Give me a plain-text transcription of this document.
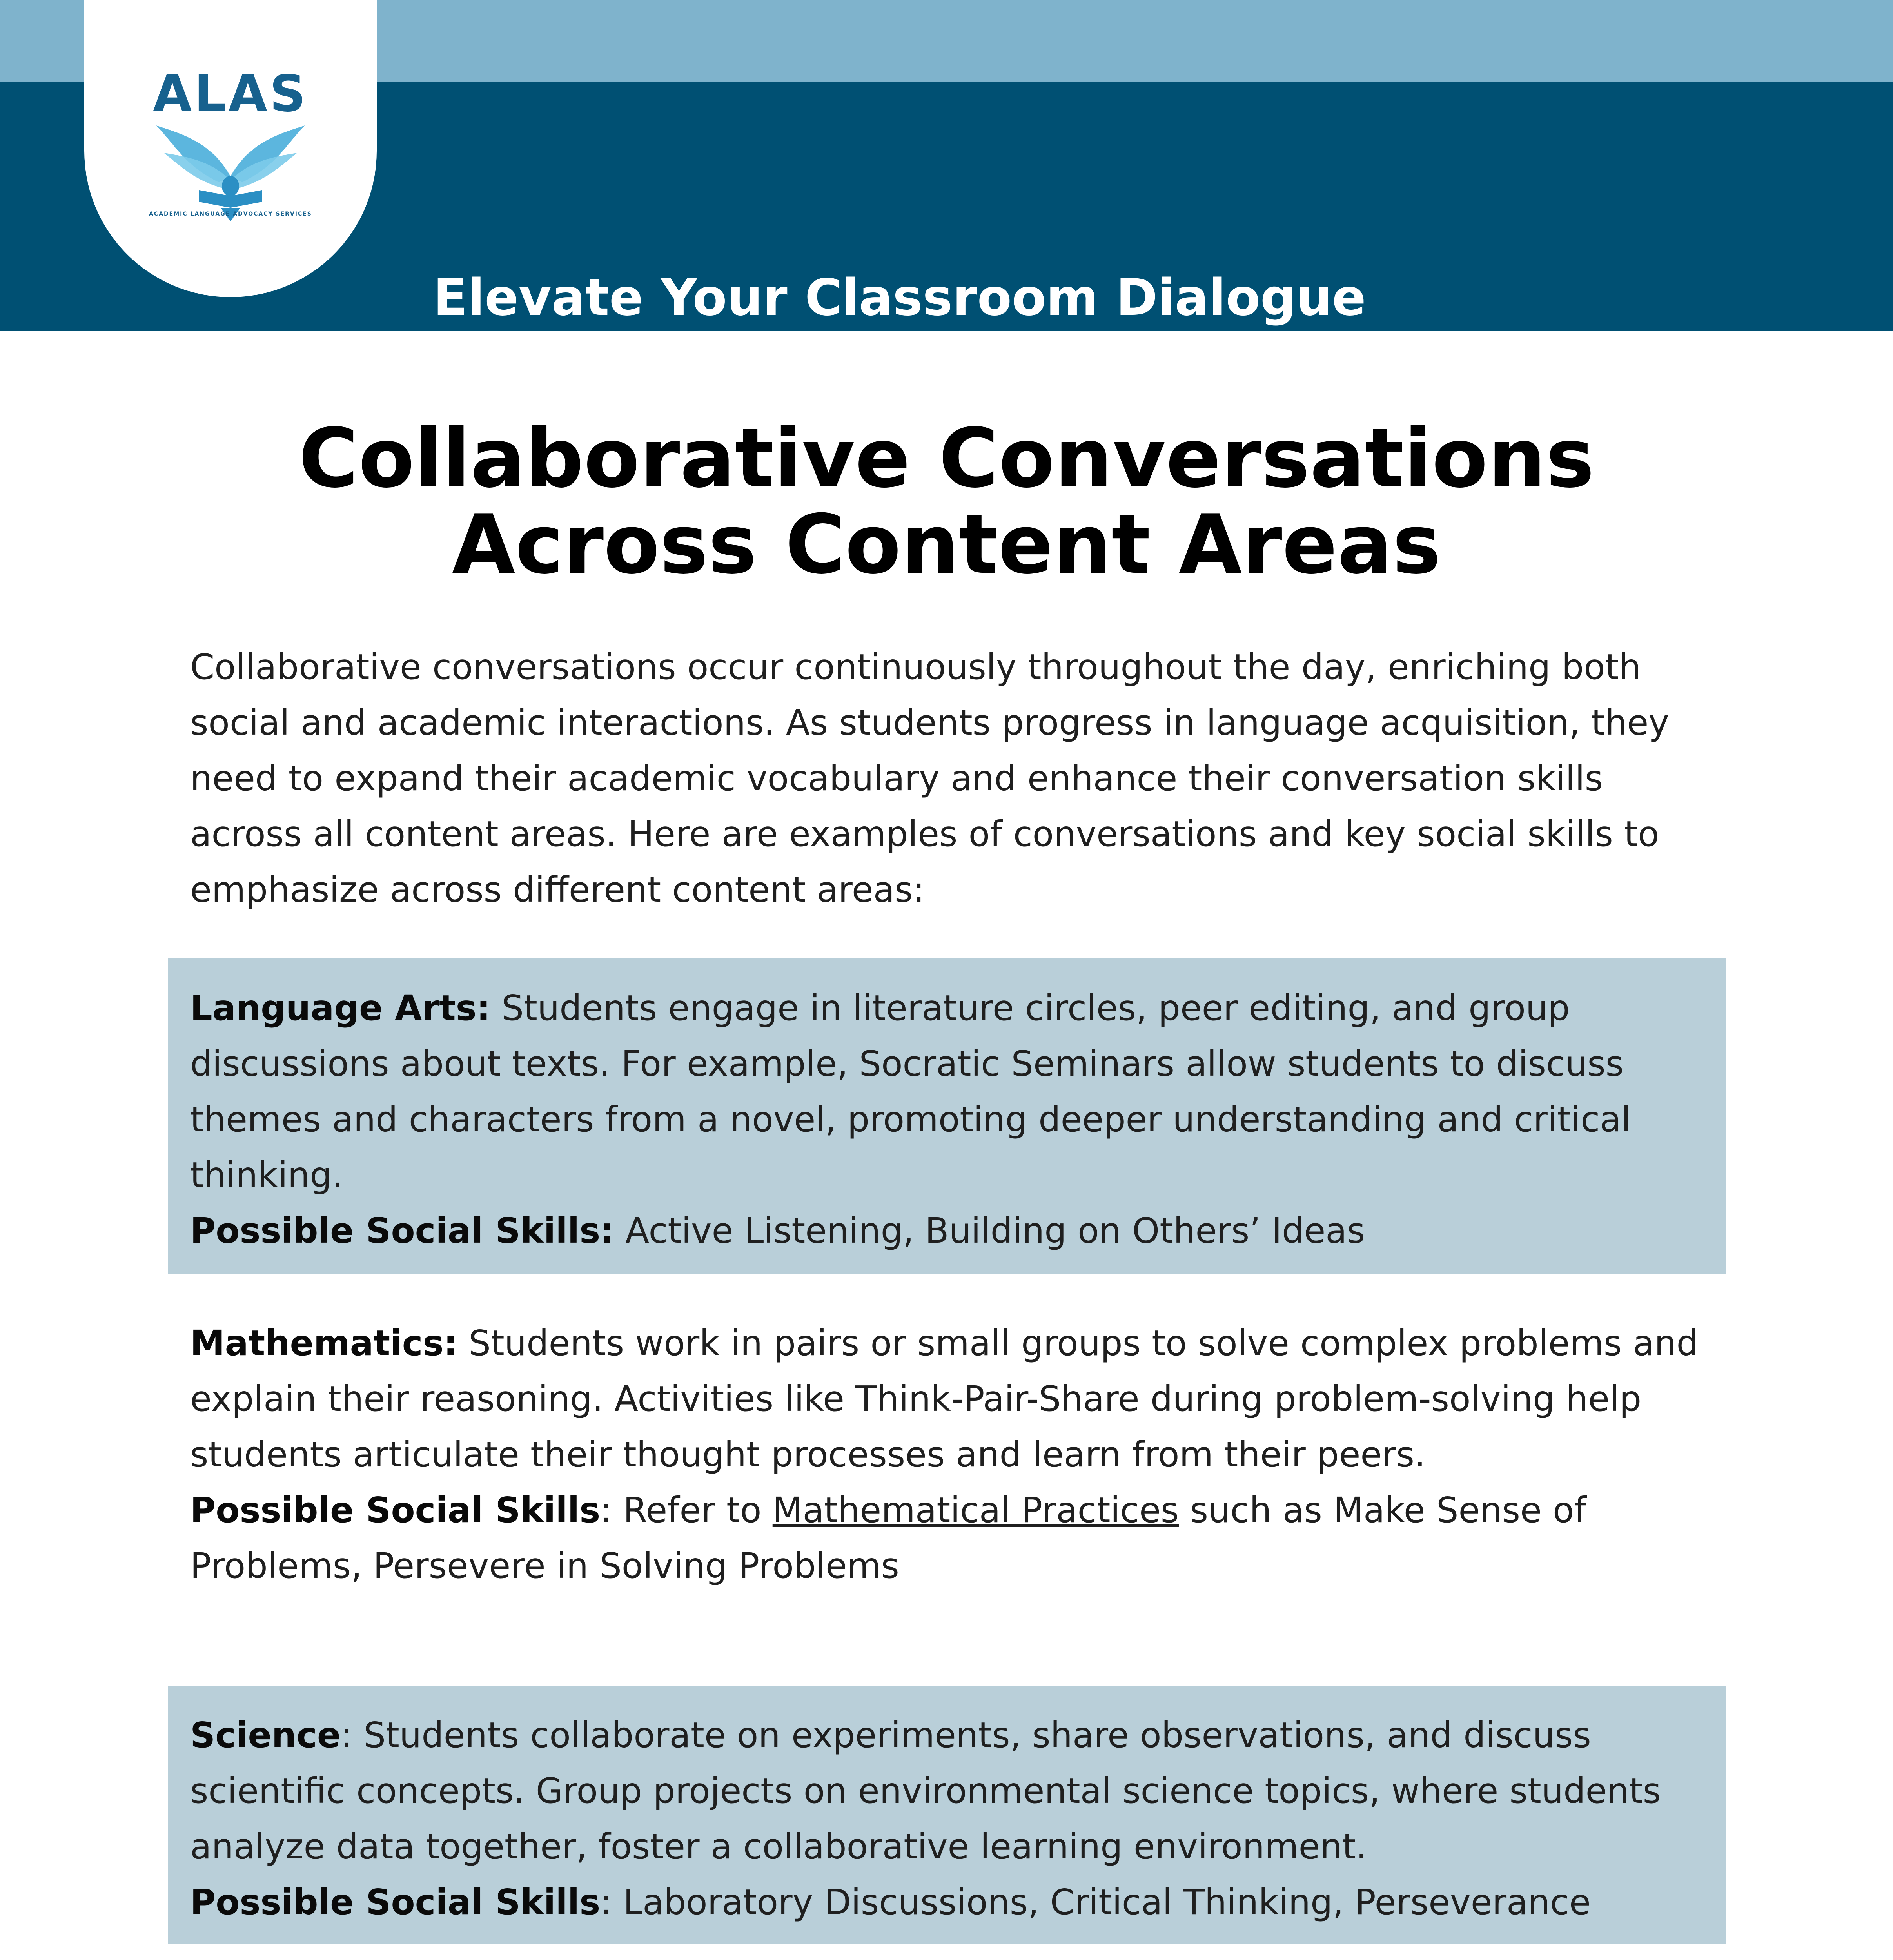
Elevate Your Classroom Dialogue
ALAS
ACADEMIC LANGUAGE ADVOCACY SERVICES
Collaborative Conversations
Across Content Areas

Collaborative conversations occur continuously throughout the day, enriching both social and academic interactions. As students progress in language acquisition, they need to expand their academic vocabulary and enhance their conversation skills across all content areas. Here are examples of conversations and key social skills to emphasize across different content areas:

Language Arts: Students engage in literature circles, peer editing, and group discussions about texts. For example, Socratic Seminars allow students to discuss themes and characters from a novel, promoting deeper understanding and critical thinking.

Possible Social Skills: Active Listening, Building on Others’ Ideas

Mathematics: Students work in pairs or small groups to solve complex problems and explain their reasoning. Activities like Think-Pair-Share during problem-solving help students articulate their thought processes and learn from their peers.

Possible Social Skills: Refer to Mathematical Practices such as Make Sense of Problems, Persevere in Solving Problems

Science: Students collaborate on experiments, share observations, and discuss scientific concepts. Group projects on environmental science topics, where students analyze data together, foster a collaborative learning environment.

Possible Social Skills: Laboratory Discussions, Critical Thinking, Perseverance
